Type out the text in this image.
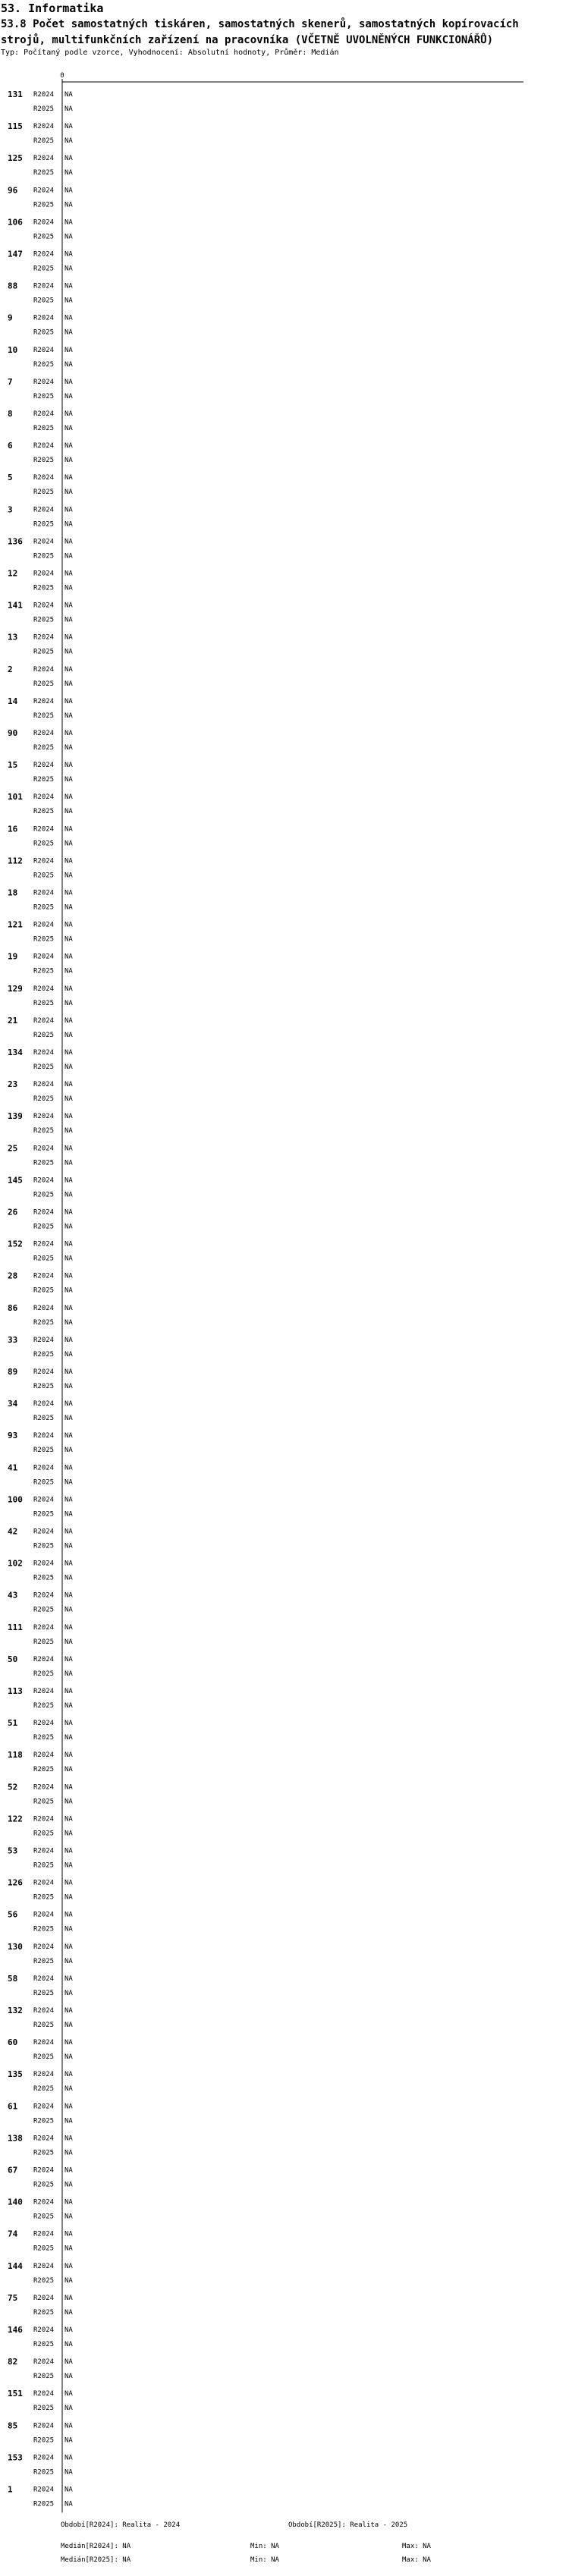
53. Informatika
53.8 Počet samostatných tiskáren, samostatných skenerů, samostatných kopírovacích strojů, multifunkčních zařízení na pracovníka (VČETNĚ UVOLNĚNÝCH FUNKCIONÁŘŮ)
Typ: Počítaný podle vzorce, Vyhodnocení: Absolutní hodnoty, Průměr: Medián
0
131 R2024 NA
R2025 NA
115 R2024 NA
R2025 NA
125 R2024 NA
R2025 NA
96 R2024 NA
R2025 NA
106 R2024 NA
R2025 NA
147 R2024 NA
R2025 NA
88 R2024 NA
R2025 NA
9	R2024 NA
R2025 NA
10 R2024 NA
R2025 NA
7	R2024 NA
R2025 NA
8	R2024 NA
R2025 NA
6	R2024 NA
R2025 NA
5	R2024 NA
R2025 NA
3	R2024 NA
R2025 NA
136 R2024 NA
R2025 NA
12 R2024 NA
R2025 NA
141 R2024 NA
R2025 NA
13 R2024 NA
R2025 NA
2	R2024 NA
R2025 NA
14 R2024 NA
R2025 NA
90 R2024 NA
R2025 NA
15 R2024 NA
R2025 NA
101 R2024 NA
R2025 NA
16 R2024 NA
R2025 NA
112 R2024 NA
R2025 NA
18 R2024 NA
R2025 NA
121 R2024 NA
R2025 NA
19 R2024 NA
R2025 NA
129 R2024 NA
R2025 NA
21 R2024 NA
R2025 NA
134 R2024 NA
R2025 NA
23 R2024 NA
R2025 NA
139 R2024 NA
R2025 NA
25 R2024 NA
R2025 NA
145 R2024 NA
R2025 NA
26 R2024 NA
R2025 NA
152 R2024 NA
R2025 NA
28 R2024 NA
R2025 NA
86 R2024 NA
R2025 NA
33 R2024 NA
R2025 NA
89 R2024 NA
R2025 NA
34 R2024 NA
R2025 NA
93 R2024 NA
R2025 NA
41 R2024 NA
R2025 NA
100 R2024 NA
R2025 NA
42 R2024 NA
R2025 NA
102 R2024 NA
R2025 NA
43 R2024 NA
R2025 NA
111 R2024 NA
R2025 NA
50 R2024 NA
R2025 NA
113 R2024 NA
R2025 NA
51 R2024 NA
R2025 NA
118 R2024 NA
R2025 NA
52 R2024 NA
R2025 NA
122 R2024 NA
R2025 NA
53 R2024 NA
R2025 NA
126 R2024 NA
R2025 NA
56 R2024 NA
R2025 NA
130 R2024 NA
R2025 NA
58 R2024 NA
R2025 NA
132 R2024 NA
R2025 NA
60 R2024 NA
R2025 NA
135 R2024 NA
R2025 NA
61 R2024 NA
R2025 NA
138 R2024 NA
R2025 NA
67 R2024 NA
R2025 NA
140 R2024 NA
R2025 NA
74 R2024 NA
R2025 NA
144 R2024 NA
R2025 NA
75 R2024 NA
R2025 NA
146 R2024 NA
R2025 NA
82 R2024 NA
R2025 NA
151 R2024 NA
R2025 NA
85 R2024 NA
R2025 NA
153 R2024 NA
R2025 NA
1	R2024 NA
R2025 NA
Období[R2024]: Realita - 2024	Období[R2025]: Realita - 2025
Medián[R2024]: NA	Min: NA	Max: NA
Medián[R2025]: NA	Min: NA	Max: NA
